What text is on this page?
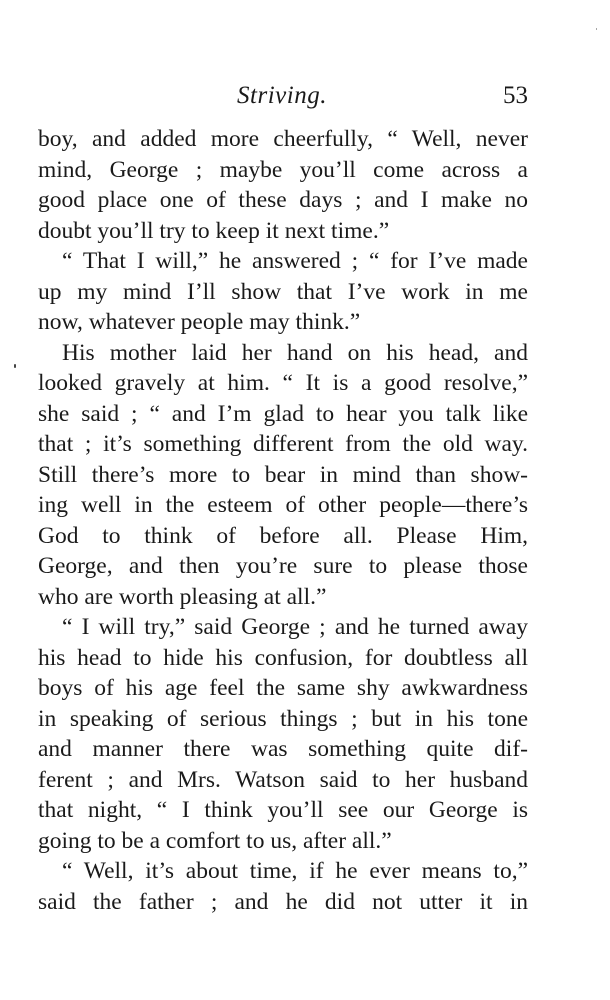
Striving.	53
boy, and added more cheerfully, “ Well, never
mind, George ; maybe you’ll come across a
good place one of these days ; and I make no
doubt you’ll try to keep it next time.”
“ That I will,” he answered ; “ for I’ve made
up my mind I’ll show that I’ve work in me
now, whatever people may think.”
His mother laid her hand on his head, and
looked gravely at him. “ It is a good resolve,”
she said ; “ and I’m glad to hear you talk like
that ; it’s something different from the old way.
Still there’s more to bear in mind than show-
ing well in the esteem of other people—there’s
God to think of before all. Please Him,
George, and then you’re sure to please those
who are worth pleasing at all.”
“ I will try,” said George ; and he turned away
his head to hide his confusion, for doubtless all
boys of his age feel the same shy awkwardness
in speaking of serious things ; but in his tone
and manner there was something quite dif-
ferent ; and Mrs. Watson said to her husband
that night, “ I think you’ll see our George is
going to be a comfort to us, after all.”
“ Well, it’s about time, if he ever means to,”
said the father ; and he did not utter it in
